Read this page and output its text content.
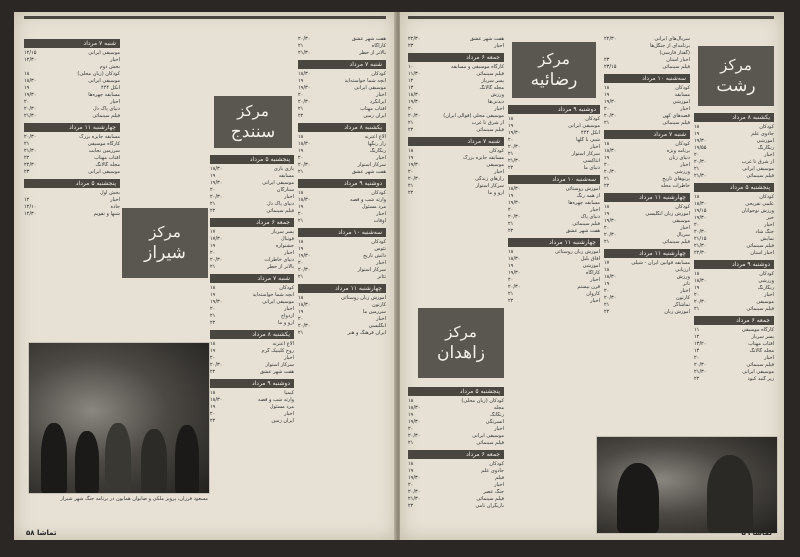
شنبه ۷ مرداد
موسیقی ایرانی
۱۲/۱۵
اخبار
۱۲/۳۰
بخش دوم
کودکان (زبان محلی)
۱۸
موسیقی ایرانی
۱۸/۳۰
آنکل ۴۴۴
۱۹
مسابقه چهره‌ها
۱۹/۳۰
اخبار
۲۰
دنیای پاک دل
۲۰/۳۰
فیلم سینمائی
۲۱/۳۰
چهارشنبه ۱۱ مرداد
مسابقه جایزه بزرگ
۲۰/۳۰
کارگاه موسیقی
۲۱
سرزمین نجابت
۲۱/۳۰
آفتاب مهتاب
۲۲
مجله گالانگ
۲۲/۳۰
موسیقی ایرانی
۲۳
پنجشنبه ۵ مرداد
بخش اول
اخبار
۱۲
جاده
۱۲/۱۰
شبها و تقویم
۱۲/۳۰
مرکز
شیراز
مسعود فرزان، پرویز ملکی و صابوان همایون در برنامه جنگ شهر شیراز
پنجشنبه ۵ مرداد
بازی بازی
۱۸/۳۰
مسابقه
۱۹
موسیقی ایرانی
۱۹/۳۰
ستارگان
۲۰
اخبار
۲۰/۳۰
دنیای پاک دل
۲۱
فیلم سینمائی
۲۲
جمعه ۶ مرداد
پسر سرباز
۱۷
فوتبال
۱۷/۳۰
جشنواره
۱۹
اخبار
۲۰
دنیای خاطرات
۲۰/۳۰
بالاتر از خطر
۲۱
شنبه ۷ مرداد
کودکان
۱۸
آنچه شما خواسته‌اید
۱۹
موسیقی ایرانی
۱۹/۳۰
اخبار
۲۰
ازدواج
۲۱
آرو و ما
۲۲
یکشنبه ۸ مرداد
الاغ اعترنه
۱۸
روح کلینیک گرم
۱۹
اخبار
۲۰
سرکار استوار
۲۰/۳۰
هفت شهر عشق
۲۲
دوشنبه ۹ مرداد
کیمیا
۱۸
وارثه شب و قصه
۱۸/۳۰
مرد مسئول
۱۹
اخبار
۲۰
ایران زمین
۲۲
مرکز
سنندج
هفت شهر عشق
۲۰/۳۰
کارآگاه
۲۱
بالاتر از خطر
۲۱/۳۰
شنبه ۷ مرداد
کودکان
۱۸/۳۰
آنچه شما خواسته‌اید
۱۹
موسیقی ایرانی
۱۹/۳۰
اخبار
۲۰
ایرانگرد
۲۰/۳۰
آفتاب مهتاب
۲۱
ایران زمین
۲۲
یکشنبه ۸ مرداد
الاغ اعترنه
۱۸
راز رنگها
۱۸/۳۰
رنگارنگ
۱۹
اخبار
۲۰
سرکار استوار
۲۰/۳۰
هفت شهر عشق
۲۱
دوشنبه ۹ مرداد
کودکان
۱۸
وارثه شب و قصه
۱۸/۳۰
مرد مسئول
۱۹
اخبار
۲۰
اوقات
۲۱
سه‌شنبه ۱۰ مرداد
کودکان
۱۸
تئوس
۱۹
دانش تاریخ
۱۹/۳۰
اخبار
۲۰
سرکار استوار
۲۰/۳۰
تئاتر
۲۱
چهارشنبه ۱۱ مرداد
آموزش زبان روستائی
۱۸
کارتون
۱۸/۳۰
سرزمین ما
۱۹
اخبار
۲۰
آنگلیسی
۲۰/۳۰
ایران فرهنگ و هنر
۲۱
تماشا ۵۸
هفت شهر عشق
۲۲/۳۰
اخبار
۲۳
جمعه ۶ مرداد
کارگاه موسیقی و مسابقه
۱۰
فیلم سینمائی
۱۱/۳۰
پسر سرباز
۱۲
مجله گالانگ
۱۳
ورزش
۱۸/۳۰
دیدنی‌ها
۱۹/۳۰
اخبار
۲۰
موسیقی محلی (قوالی ایران)
۲۰/۳۰
از شرق تا غرب
۲۱
فیلم سینمائی
۲۲
شنبه ۷ مرداد
کودکان
۱۸
مسابقه جایزه بزرگ
۱۹
موسیقی
۱۹/۳۰
اخبار
۲۰
رازهای زندگی
۲۰/۳۰
سرکار استوار
۲۱
آرو و ما
۲۲
مرکز
رضائیه
مرکز
زاهدان
پنجشنبه ۵ مرداد
کودکان (زبان محلی)
۱۸
مجله
۱۸/۳۰
رنگانگ
۱۹
آنسرتگی
۱۹/۳۰
اخبار
۲۰
موسیقی ایرانی
۲۰/۳۰
فیلم سینمائی
۲۱
جمعه ۶ مرداد
کودکان
۱۸
جادوی علم
۱۹
فیلم
۱۹/۳۰
اخبار
۲۰
جنگ عصر
۲۰/۳۰
فیلم سینمائی
۲۱/۳۰
بازیگران نامی
۲۲
دوشنبه ۹ مرداد
کودکان
۱۸
موسیقی ایرانی
۱۹
آنکل ۴۴۴
۱۹/۳۰
شبی با گلها
۲۰
اخبار
۲۰/۳۰
سرکار استوار
۲۱
آنتاکسی
۲۱/۳۰
دنیای ما
۲۲
سه‌شنبه ۱۰ مرداد
آموزش روستائی
۱۸/۳۰
از همه رنگ
۱۹
مسابقه چهره‌ها
۱۹/۳۰
اخبار
۲۰
دنیای پاک
۲۰/۳۰
فیلم سینمائی
۲۱
هفت شهر عشق
۲۲
چهارشنبه ۱۱ مرداد
آموزش زبان روستائی
۱۸
آفاق بلبل
۱۸/۳۰
آموزشی
۱۹
کارآگاه
۱۹/۳۰
اخبار
۲۰
قرن بیستم
۲۰/۳۰
کاروان
۲۱
اخبار
۲۲
سریال‌های ایرانی
۲۲/۳۰
برنامه‌ای از جنگل‌ها
(گفتار فارسی)
اخبار استان
۲۳
فیلم سینمائی
۲۳/۱۵
سه‌شنبه ۱۰ مرداد
کودکان
۱۸
مسابقه
۱۹
آموزشی
۱۹/۳۰
اخبار
۲۰
قصه‌های کهن
۲۰/۳۰
فیلم سینمائی
۲۱
شنبه ۷ مرداد
کودکان
۱۸
برنامه ویژه
۱۸/۳۰
دنیای زنان
۱۹
اخبار
۲۰
ورزشی
۲۰/۳۰
پرتوهای تاریخ
۲۱
خاطرات محله
۲۲
چهارشنبه ۱۱ مرداد
کودکان
۱۸
آموزش زبان انگلیسی
۱۹
موسیقی
۱۹/۳۰
اخبار
۲۰
سریال
۲۰/۳۰
فیلم سینمائی
۲۱
چهارشنبه ۱۱ مرداد
مسابقه قوانین ایران - شیلی
۱۷
ارزیابی
۱۸
ورزش
۱۸/۳۰
تاتر
۱۹
اخبار
۲۰
کارتون
۲۰/۳۰
تماشاگر
۲۱
آموزش زبان
۲۲
مرکز
رشت
یکشنبه ۸ مرداد
کودکان
۱۸
جادوی علم
۱۹
آموزشی
۱۹/۳۰
رنگارنگ
۱۹/۵۵
اخبار
۲۰
از شرق تا غرب
۲۰/۳۰
موسیقی ایرانی
۲۱
فیلم سینمائی
۲۱/۳۰
پنجشنبه ۵ مرداد
کودکان
۱۸
علمی تفریحی
۱۸/۳۰
ورزش نوجوانان
۱۹/۱۵
خبر
۱۹/۳۰
اخبار
۲۰
جنگ شاد
۲۰/۳۰
نمایش
۲۱/۱۵
فیلم سینمائی
۲۱/۳۰
اخبار استان
۲۲/۳۰
دوشنبه ۹ مرداد
کودکان
۱۸
ورزشی
۱۸/۳۰
رنگارنگ
۱۹
اخبار
۲۰
موسیقی
۲۰/۳۰
فیلم سینمائی
۲۱
جمعه ۶ مرداد
کارگاه موسیقی
۱۱
پسر سرباز
۱۲
آفتاب مهتاب
۱۳/۲۰
مجله گالانگ
۱۴
اخبار
۲۰
فیلم سینمائی
۲۰/۳۰
موسیقی ایرانی
۲۱/۳۰
زیر گنبد کبود
۲۲
تماشا ۵۹
